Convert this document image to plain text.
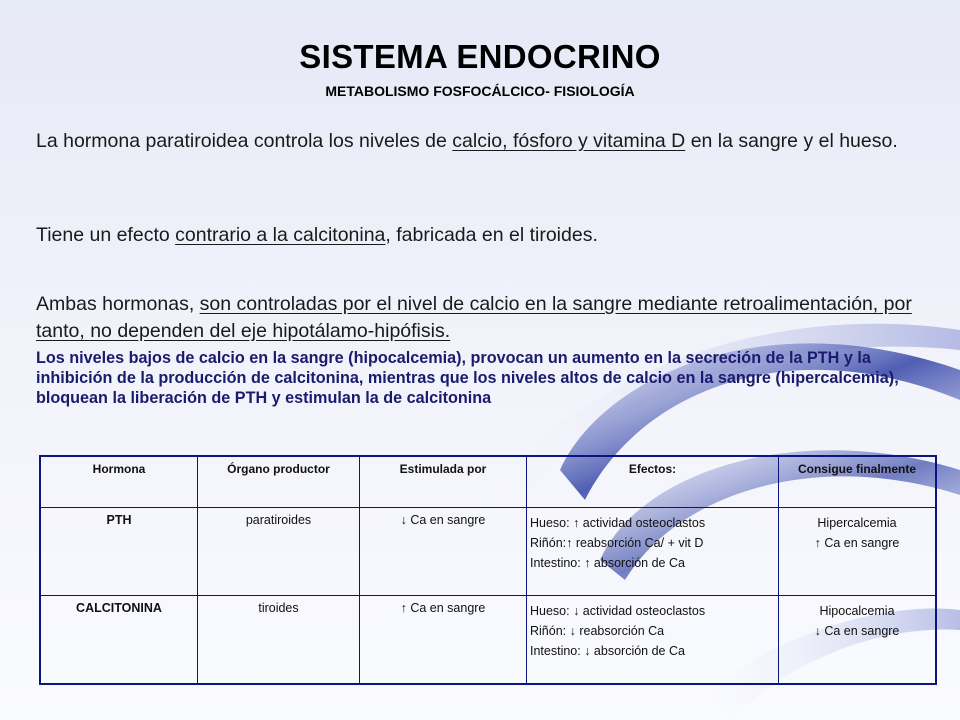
SISTEMA ENDOCRINO
METABOLISMO FOSFOCÁLCICO- FISIOLOGÍA
La hormona paratiroidea controla los niveles de calcio, fósforo y vitamina D en la sangre y el hueso.
Tiene un efecto contrario a la calcitonina, fabricada en el tiroides.
Ambas hormonas, son controladas por el nivel de calcio en la sangre mediante retroalimentación, por tanto, no dependen del eje hipotálamo-hipófisis.
Los niveles bajos de calcio en la sangre (hipocalcemia), provocan un aumento en la secreción de la PTH y la inhibición de la producción de calcitonina, mientras que los niveles altos de calcio en la sangre (hipercalcemia), bloquean la liberación de PTH y estimulan la de calcitonina
Hormona	Órgano productor	Estimulada por	Efectos:	Consigue finalmente
PTH	paratiroides	↓ Ca en sangre	Hueso: ↑ actividad osteoclastos
Riñón:↑ reabsorción Ca/ + vit D
Intestino: ↑ absorción de Ca	Hipercalcemia
↑ Ca en sangre

CALCITONINA	tiroides	↑ Ca en sangre	Hueso: ↓ actividad osteoclastos
Riñón: ↓ reabsorción Ca
Intestino: ↓ absorción de Ca	Hipocalcemia
↓ Ca en sangre
